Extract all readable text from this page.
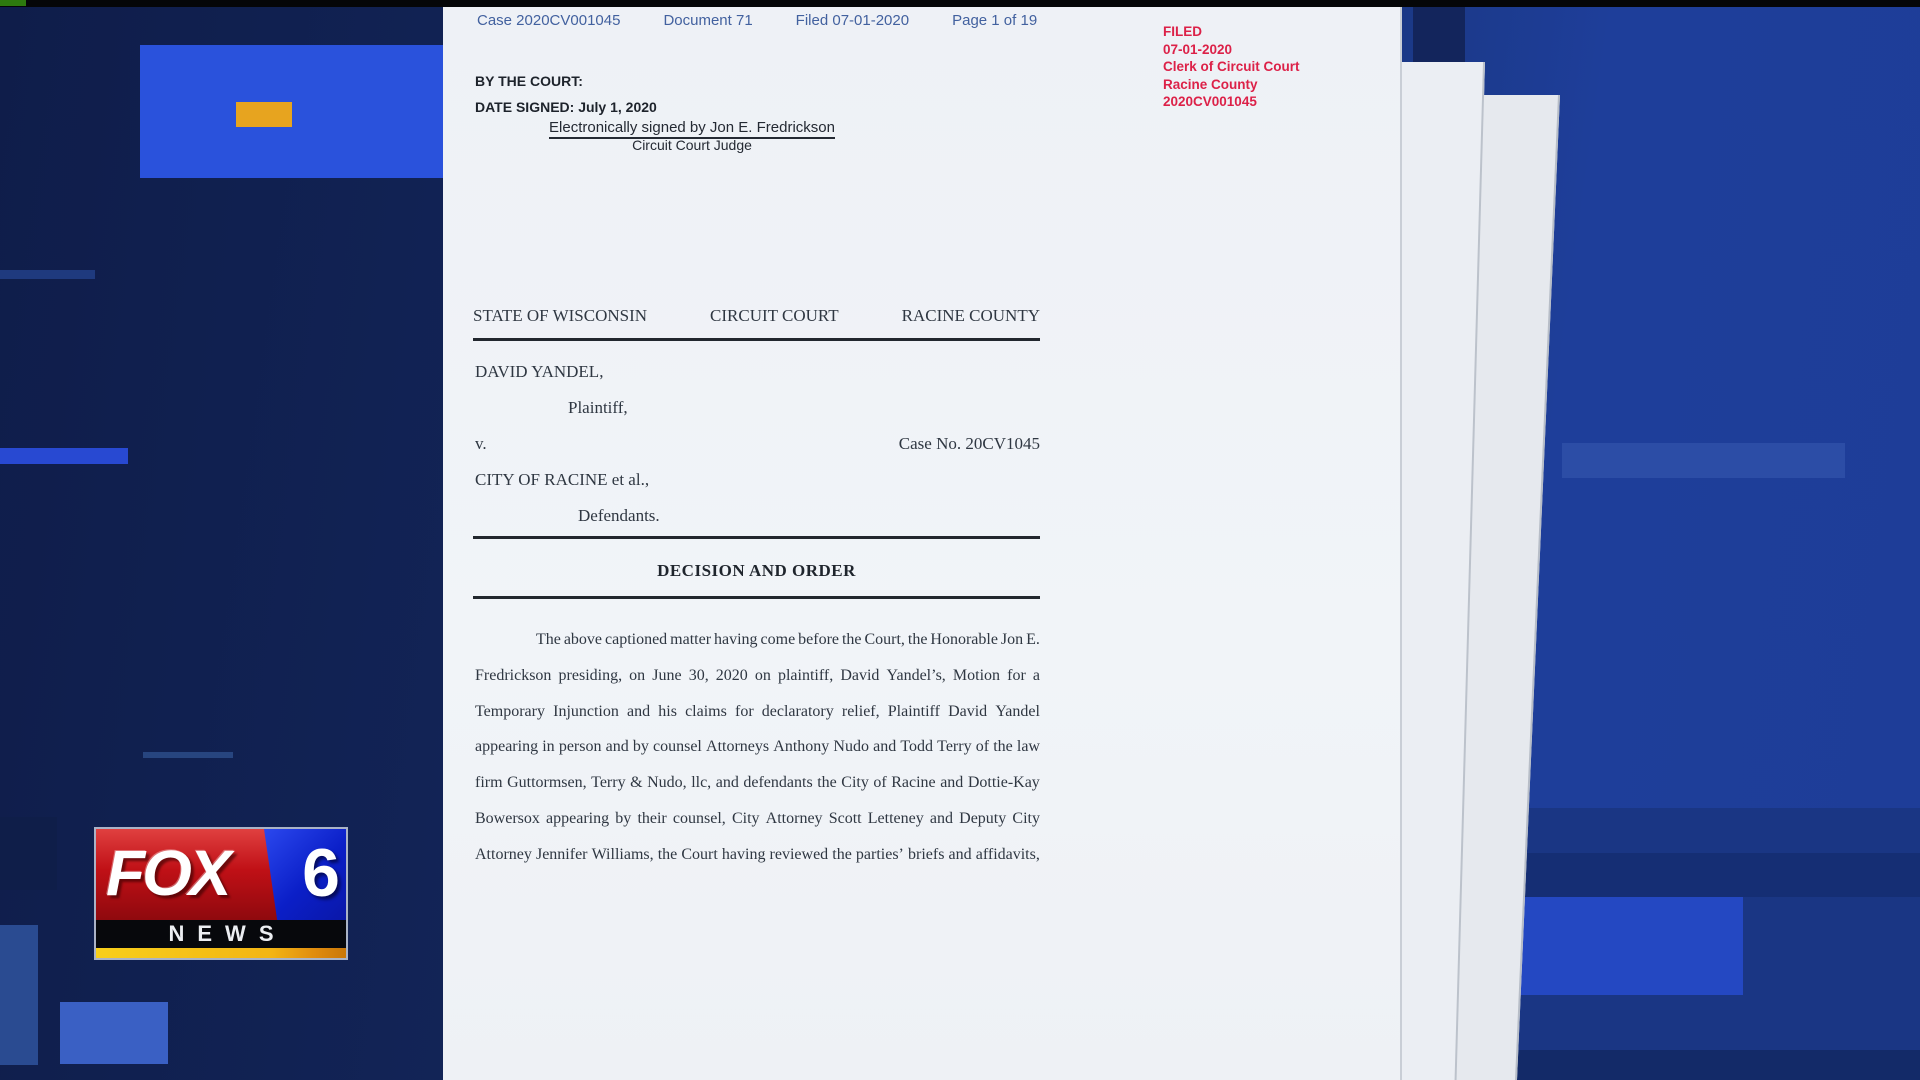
Case 2020CV001045	Document 71	Filed 07-01-2020	Page 1 of 19
FILED
07-01-2020
Clerk of Circuit Court
Racine County
2020CV001045
BY THE COURT:
DATE SIGNED: July 1, 2020
Electronically signed by Jon E. Fredrickson
Circuit Court Judge
STATE OF WISCONSIN	CIRCUIT COURT	RACINE COUNTY
DAVID YANDEL,
Plaintiff,
v.	Case No. 20CV1045
CITY OF RACINE et al.,
Defendants.
DECISION AND ORDER
The above captioned matter having come before the Court, the Honorable Jon E.
Fredrickson presiding, on June 30, 2020 on plaintiff, David Yandel’s, Motion for a
Temporary Injunction and his claims for declaratory relief, Plaintiff David Yandel
appearing in person and by counsel Attorneys Anthony Nudo and Todd Terry of the law
firm Guttormsen, Terry & Nudo, llc, and defendants the City of Racine and Dottie-Kay
Bowersox appearing by their counsel, City Attorney Scott Letteney and Deputy City
Attorney Jennifer Williams, the Court having reviewed the parties’ briefs and affidavits,
FOX 6
NEWS
